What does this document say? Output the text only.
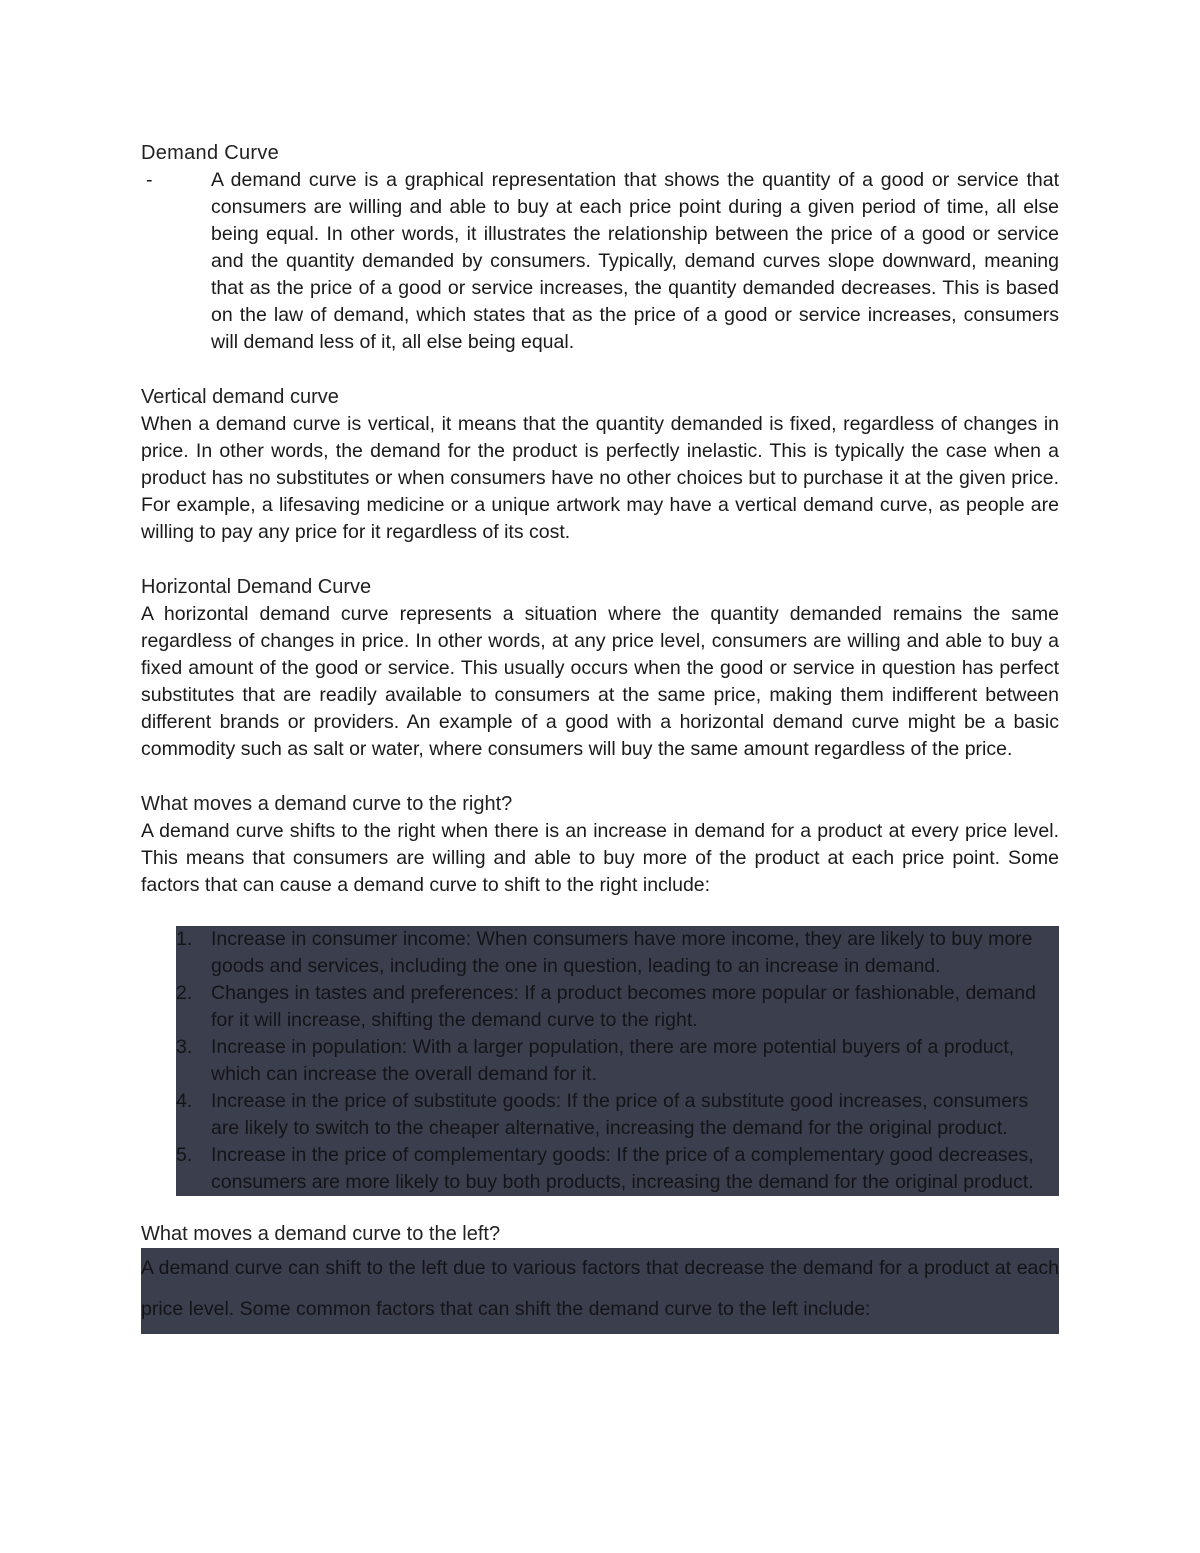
Demand Curve
-	A demand curve is a graphical representation that shows the quantity of a good or service that consumers are willing and able to buy at each price point during a given period of time, all else being equal. In other words, it illustrates the relationship between the price of a good or service and the quantity demanded by consumers. Typically, demand curves slope downward, meaning that as the price of a good or service increases, the quantity demanded decreases. This is based on the law of demand, which states that as the price of a good or service increases, consumers will demand less of it, all else being equal.
Vertical demand curve

When a demand curve is vertical, it means that the quantity demanded is fixed, regardless of changes in price. In other words, the demand for the product is perfectly inelastic. This is typically the case when a product has no substitutes or when consumers have no other choices but to purchase it at the given price. For example, a lifesaving medicine or a unique artwork may have a vertical demand curve, as people are willing to pay any price for it regardless of its cost.

Horizontal Demand Curve

A horizontal demand curve represents a situation where the quantity demanded remains the same regardless of changes in price. In other words, at any price level, consumers are willing and able to buy a fixed amount of the good or service. This usually occurs when the good or service in question has perfect substitutes that are readily available to consumers at the same price, making them indifferent between different brands or providers. An example of a good with a horizontal demand curve might be a basic commodity such as salt or water, where consumers will buy the same amount regardless of the price.

What moves a demand curve to the right?

A demand curve shifts to the right when there is an increase in demand for a product at every price level. This means that consumers are willing and able to buy more of the product at each price point. Some factors that can cause a demand curve to shift to the right include:

1. Increase in consumer income: When consumers have more income, they are likely to buy more goods and services, including the one in question, leading to an increase in demand.
2. Changes in tastes and preferences: If a product becomes more popular or fashionable, demand for it will increase, shifting the demand curve to the right.
3. Increase in population: With a larger population, there are more potential buyers of a product, which can increase the overall demand for it.
4. Increase in the price of substitute goods: If the price of a substitute good increases, consumers are likely to switch to the cheaper alternative, increasing the demand for the original product.
5. Increase in the price of complementary goods: If the price of a complementary good decreases, consumers are more likely to buy both products, increasing the demand for the original product.
What moves a demand curve to the left?

A demand curve can shift to the left due to various factors that decrease the demand for a product at each price level. Some common factors that can shift the demand curve to the left include:
